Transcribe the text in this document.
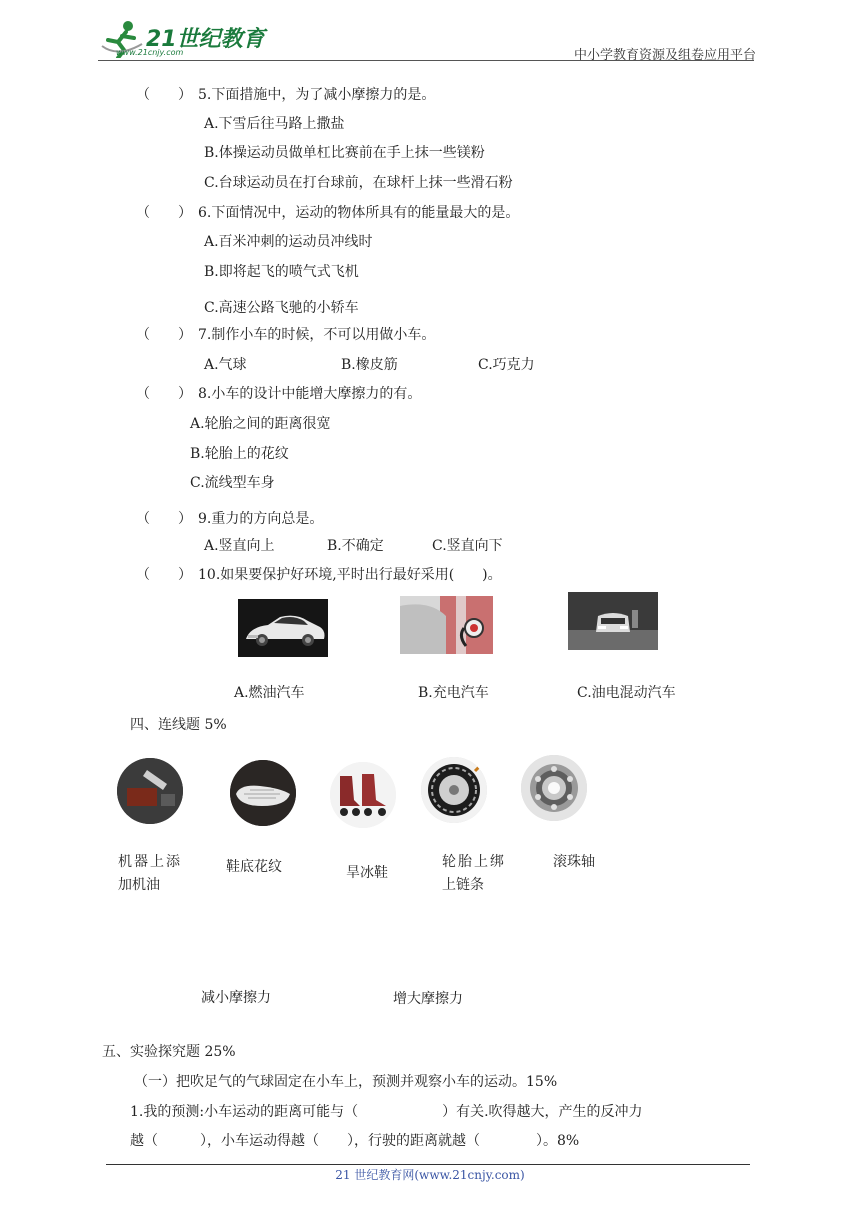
21世纪教育
www.21cnjy.com	中小学教育资源及组卷应用平台
（　　） 5.下面措施中，为了减小摩擦力的是。
A.下雪后往马路上撒盐
B.体操运动员做单杠比赛前在手上抹一些镁粉
C.台球运动员在打台球前，在球杆上抹一些滑石粉
（　　） 6.下面情况中，运动的物体所具有的能量最大的是。
A.百米冲刺的运动员冲线时
B.即将起飞的喷气式飞机
C.高速公路飞驰的小轿车
（　　） 7.制作小车的时候，不可以用做小车。
A.气球	B.橡皮筋	C.巧克力
（　　） 8.小车的设计中能增大摩擦力的有。
A.轮胎之间的距离很宽
B.轮胎上的花纹
C.流线型车身
（　　） 9.重力的方向总是。
A.竖直向上	B.不确定	C.竖直向下
（　　） 10.如果要保护好环境,平时出行最好采用(　　)。
A.燃油汽车	B.充电汽车	C.油电混动汽车
四、连线题 5%
机器上添
加机油
鞋底花纹	旱冰鞋
轮胎上绑
上链条
滚珠轴
减小摩擦力	增大摩擦力
五、实验探究题 25%
（一）把吹足气的气球固定在小车上，预测并观察小车的运动。15%
1.我的预测:小车运动的距离可能与（　　　　　　）有关.吹得越大，产生的反冲力
越（　　　），小车运动得越（　　），行驶的距离就越（　　　　）。8%
21 世纪教育网(www.21cnjy.com)
